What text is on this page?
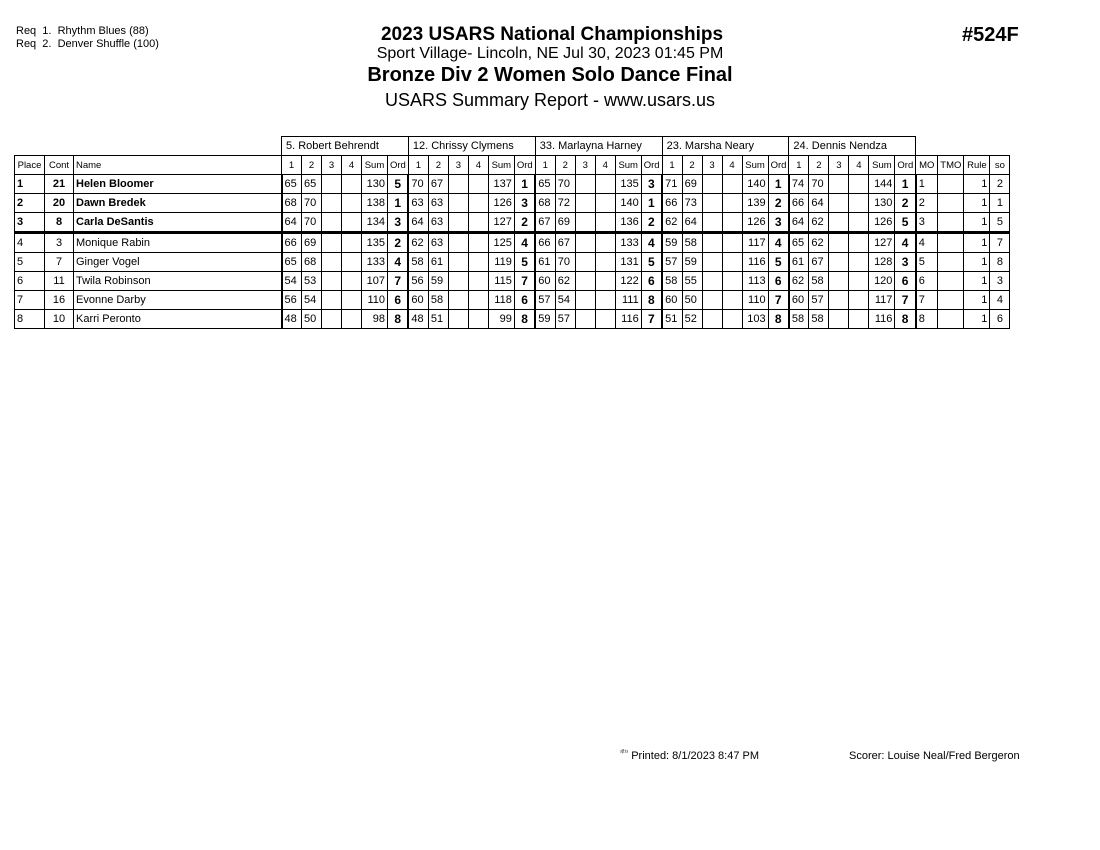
Req  1.  Rhythm Blues (88)
Req  2.  Denver Shuffle (100)	2023 USARS National Championships
Sport Village- Lincoln, NE Jul 30, 2023 01:45 PM
Bronze Div 2 Women Solo Dance Final
USARS Summary Report - www.usars.us
#524F
			5. Robert Behrendt						12. Chrissy Clymens						33. Marlayna Harney						23. Marsha Neary						24. Dennis Nendza									
Place	Cont	Name	1	2	3	4	Sum	Ord	1	2	3	4	Sum	Ord	1	2	3	4	Sum	Ord	1	2	3	4	Sum	Ord	1	2	3	4	Sum	Ord	MO	TMO	Rule	so
1	21	Helen Bloomer	65	65			130	5	70	67			137	1	65	70			135	3	71	69			140	1	74	70			144	1	1		1	2
2	20	Dawn Bredek	68	70			138	1	63	63			126	3	68	72			140	1	66	73			139	2	66	64			130	2	2		1	1
3	8	Carla DeSantis	64	70			134	3	64	63			127	2	67	69			136	2	62	64			126	3	64	62			126	5	3		1	5
4	3	Monique Rabin	66	69			135	2	62	63			125	4	66	67			133	4	59	58			117	4	65	62			127	4	4		1	7
5	7	Ginger Vogel	65	68			133	4	58	61			119	5	61	70			131	5	57	59			116	5	61	67			128	3	5		1	8
6	11	Twila Robinson	54	53			107	7	56	59			115	7	60	62			122	6	58	55			113	6	62	58			120	6	6		1	3
7	16	Evonne Darby	56	54			110	6	60	58			118	6	57	54			111	8	60	50			110	7	60	57			117	7	7		1	4
8	10	Karri Peronto	48	50			98	8	48	51			99	8	59	57			116	7	51	52			103	8	58	58			116	8	8		1	6
$^{ᶟᵝ^1ᶟ}$ Printed: 8/1/2023 8:47 PM	Scorer: Louise Neal/Fred Bergeron
